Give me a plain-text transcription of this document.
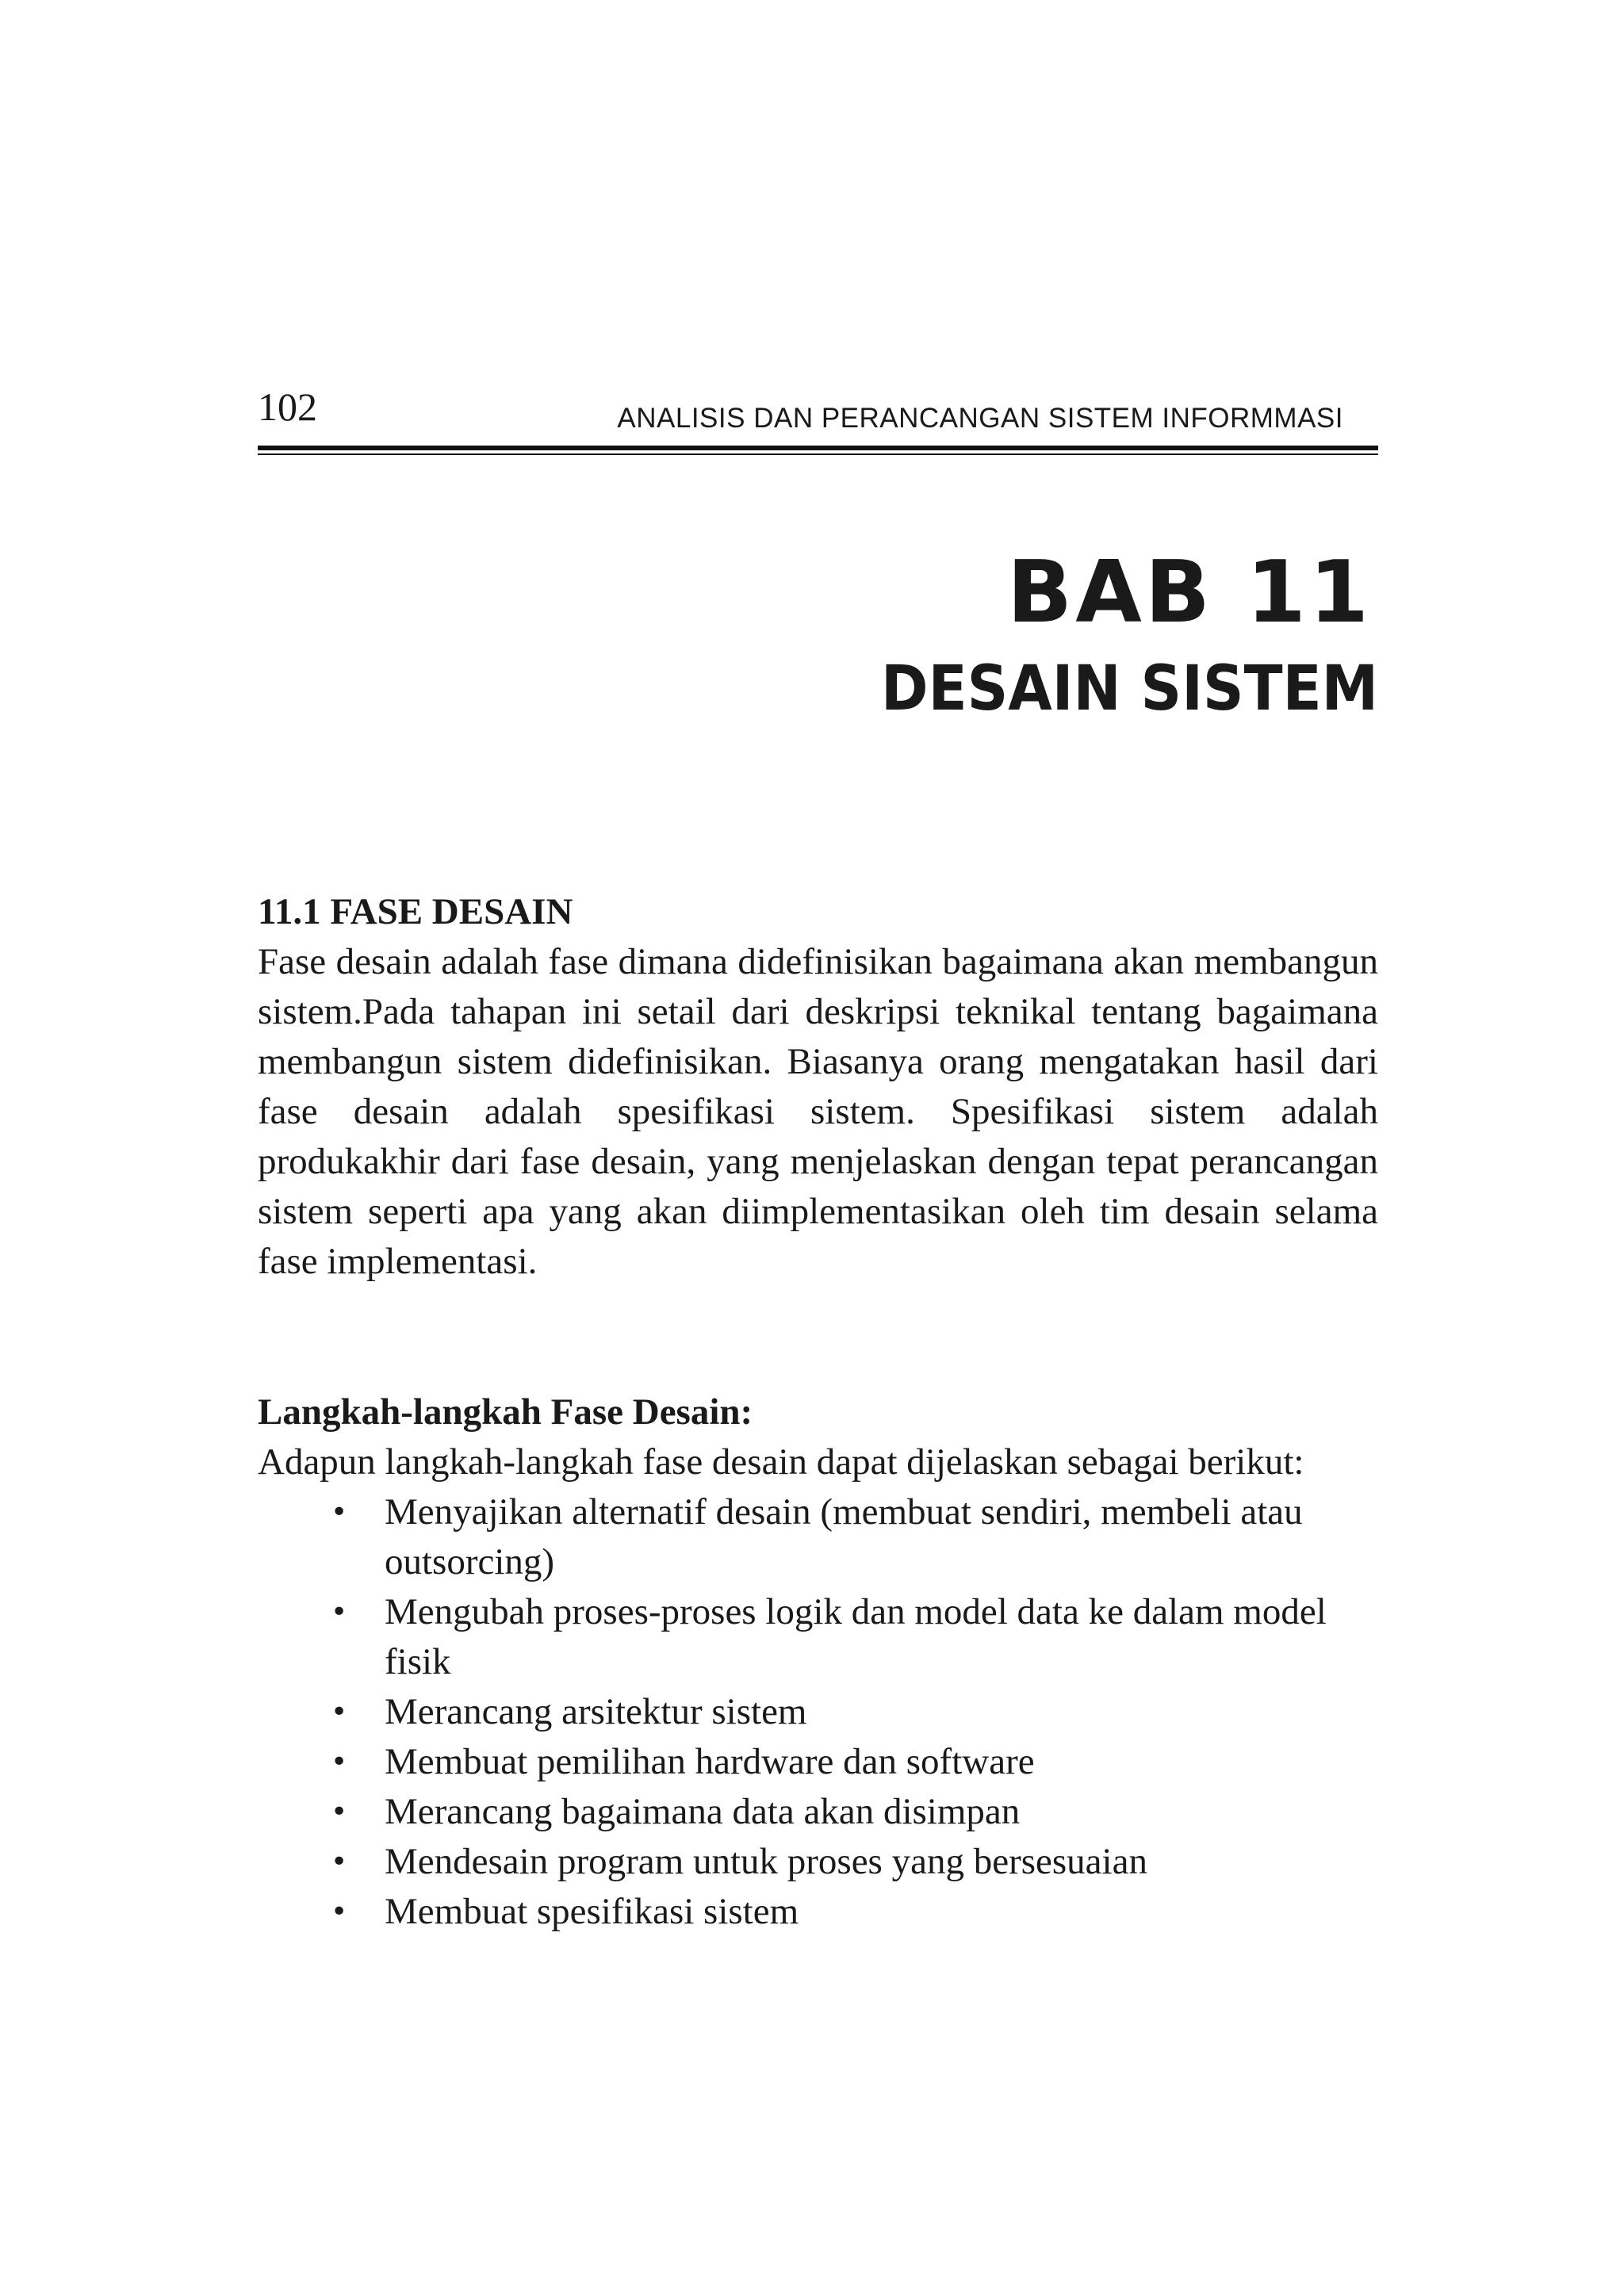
102	ANALISIS DAN PERANCANGAN SISTEM INFORMMASI
BAB 11
DESAIN SISTEM
11.1 FASE DESAIN

Fase desain adalah fase dimana didefinisikan bagaimana akan membangun sistem.Pada tahapan ini setail dari deskripsi teknikal tentang bagaimana membangun sistem didefinisikan. Biasanya orang mengatakan hasil dari fase desain adalah spesifikasi sistem. Spesifikasi sistem adalah produkakhir dari fase desain, yang menjelaskan dengan tepat perancangan sistem seperti apa yang akan diimplementasikan oleh tim desain selama fase implementasi.

Langkah-langkah Fase Desain:

Adapun langkah-langkah fase desain dapat dijelaskan sebagai berikut:

• Menyajikan alternatif desain (membuat sendiri, membeli atau outsorcing)
• Mengubah proses-proses logik dan model data ke dalam model fisik
• Merancang arsitektur sistem
• Membuat pemilihan hardware dan software
• Merancang bagaimana data akan disimpan
• Mendesain program untuk proses yang bersesuaian
• Membuat spesifikasi sistem
